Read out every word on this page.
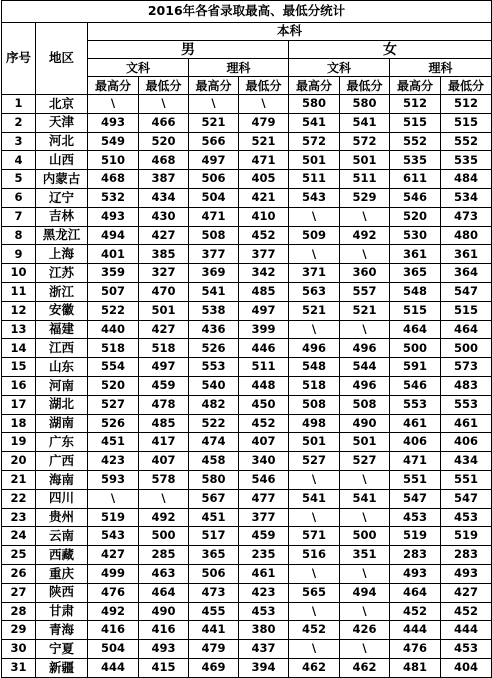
2016年各省录取最高、最低分统计									
序号	地区	本科							
		男				女			
		文科		理科		文科		理科	
		最高分	最低分	最高分	最低分	最高分	最低分	最高分	最低分
1	北京	\	\	\	\	580	580	512	512
2	天津	493	466	521	479	541	541	515	515
3	河北	549	520	566	521	572	572	552	552
4	山西	510	468	497	471	501	501	535	535
5	内蒙古	468	387	506	405	511	511	611	484
6	辽宁	532	434	504	421	543	529	546	534
7	吉林	493	430	471	410	\	\	520	473
8	黑龙江	494	427	508	452	509	492	530	480
9	上海	401	385	377	377	\	\	361	361
10	江苏	359	327	369	342	371	360	365	364
11	浙江	507	470	541	485	563	557	548	547
12	安徽	522	501	538	497	521	521	515	515
13	福建	440	427	436	399	\	\	464	464
14	江西	518	518	526	446	496	496	500	500
15	山东	554	497	553	511	548	544	591	573
16	河南	520	459	540	448	518	496	546	483
17	湖北	527	478	482	450	508	508	553	553
18	湖南	526	485	522	452	498	490	461	461
19	广东	451	417	474	407	501	501	406	406
20	广西	423	407	458	340	527	527	471	434
21	海南	593	578	580	546	\	\	551	551
22	四川	\	\	567	477	541	541	547	547
23	贵州	519	492	451	377	\	\	453	453
24	云南	543	500	517	459	571	500	519	519
25	西藏	427	285	365	235	516	351	283	283
26	重庆	499	463	506	461	\	\	493	493
27	陕西	476	464	473	423	565	494	464	427
28	甘肃	492	490	455	453	\	\	452	452
29	青海	416	416	441	380	452	426	444	444
30	宁夏	504	493	479	437	\	\	476	453
31	新疆	444	415	469	394	462	462	481	404
